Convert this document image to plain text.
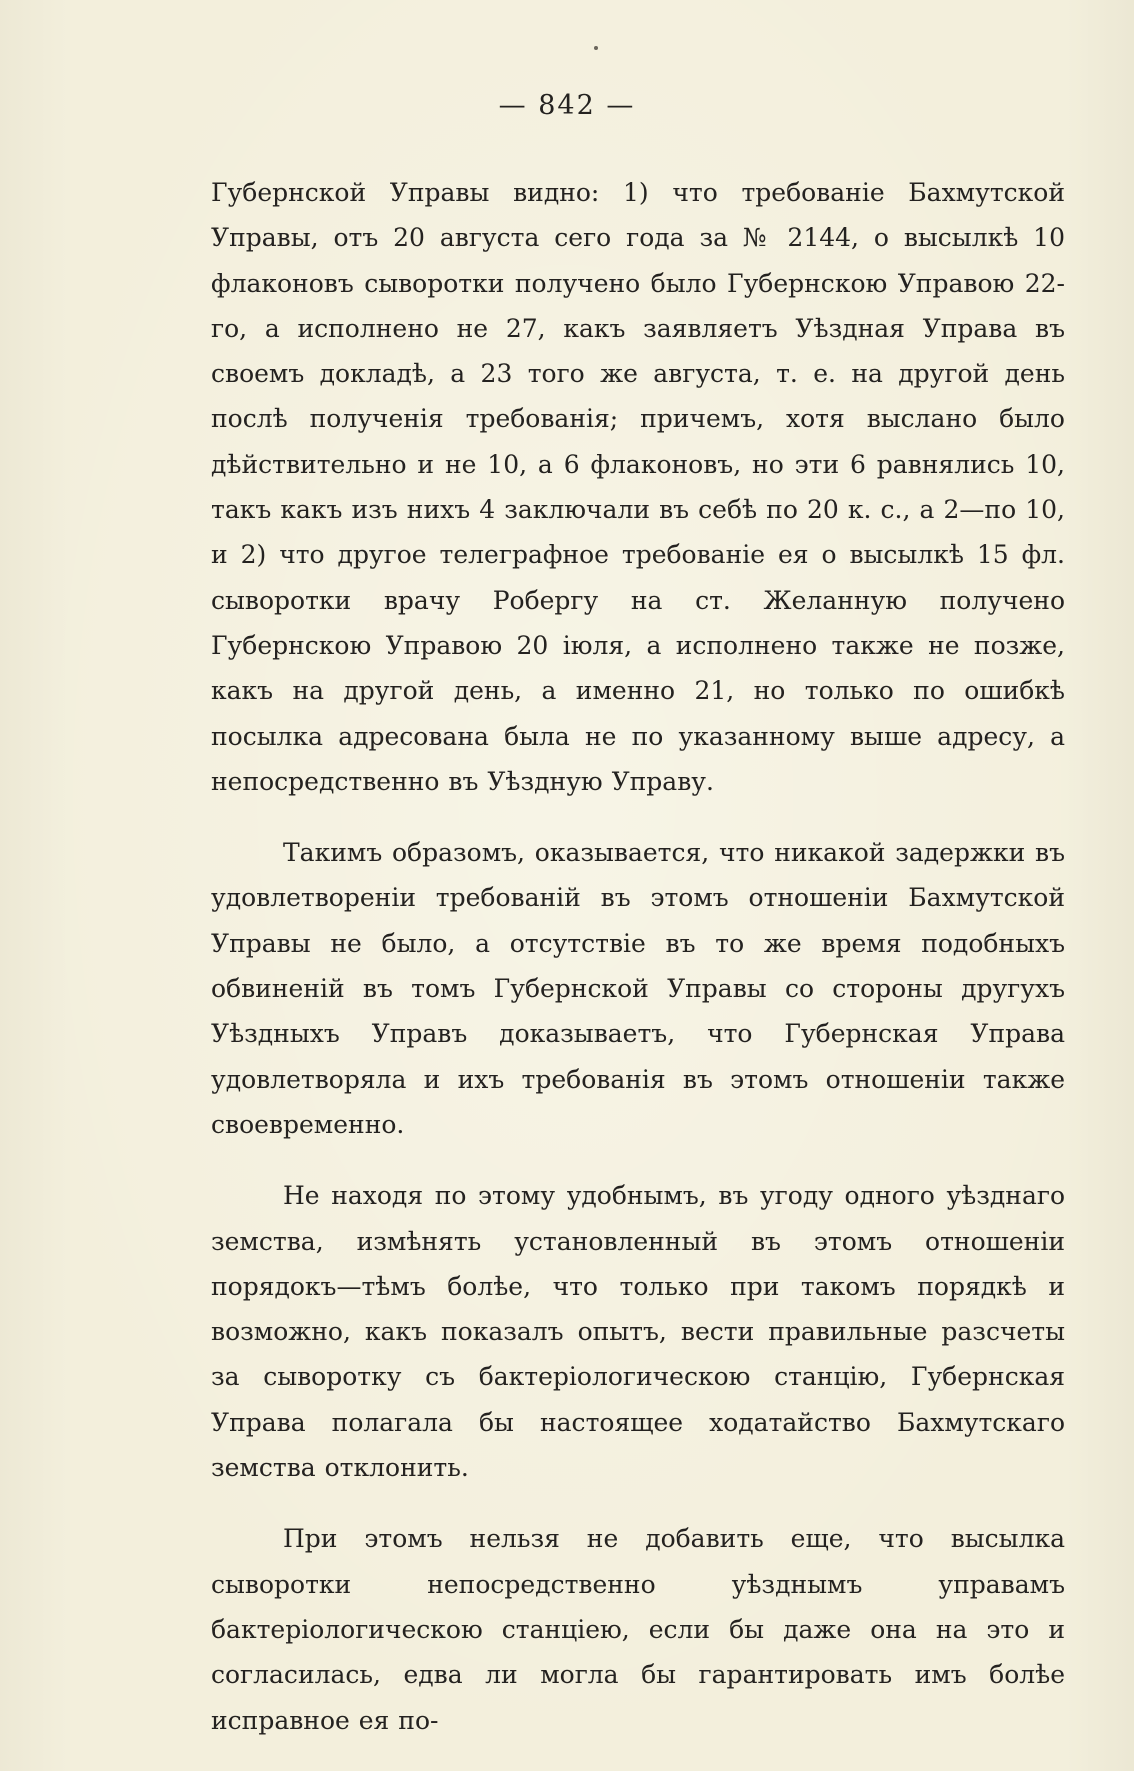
— 842 —

Губернской Управы видно: 1) что требованіе Бахмутской Управы, отъ 20 августа сего года за № 2144, о высылкѣ 10 флаконовъ сыворотки получено было Губернскою Управою 22-го, а исполнено не 27, какъ заявляетъ Уѣздная Управа въ своемъ докладѣ, а 23 того же августа, т. е. на другой день послѣ полученія требованія; причемъ, хотя выслано было дѣйствительно и не 10, а 6 флаконовъ, но эти 6 равнялись 10, такъ какъ изъ нихъ 4 заключали въ себѣ по 20 к. с., а 2—по 10, и 2) что другое телеграфное требованіе ея о высылкѣ 15 фл. сыворотки врачу Робергу на ст. Желанную получено Губернскою Управою 20 іюля, а исполнено также не позже, какъ на другой день, а именно 21, но только по ошибкѣ посылка адресована была не по указанному выше адресу, а непосредственно въ Уѣздную Управу.

Такимъ образомъ, оказывается, что никакой задержки въ удовлетвореніи требованій въ этомъ отношеніи Бахмутской Управы не было, а отсутствіе въ то же время подобныхъ обвиненій въ томъ Губернской Управы со стороны другухъ Уѣздныхъ Управъ доказываетъ, что Губернская Управа удовлетворяла и ихъ требованія въ этомъ отношеніи также своевременно.

Не находя по этому удобнымъ, въ угоду одного уѣзднаго земства, измѣнять установленный въ этомъ отношеніи порядокъ—тѣмъ болѣе, что только при такомъ порядкѣ и возможно, какъ показалъ опытъ, вести правильные разсчеты за сыворотку съ бактеріологическою станцію, Губернская Управа полагала бы настоящее ходатайство Бахмутскаго земства отклонить.

При этомъ нельзя не добавить еще, что высылка сыворотки непосредственно уѣзднымъ управамъ бактеріологическою станціею, если бы даже она на это и согласилась, едва ли могла бы гарантировать имъ болѣе исправное ея по-
